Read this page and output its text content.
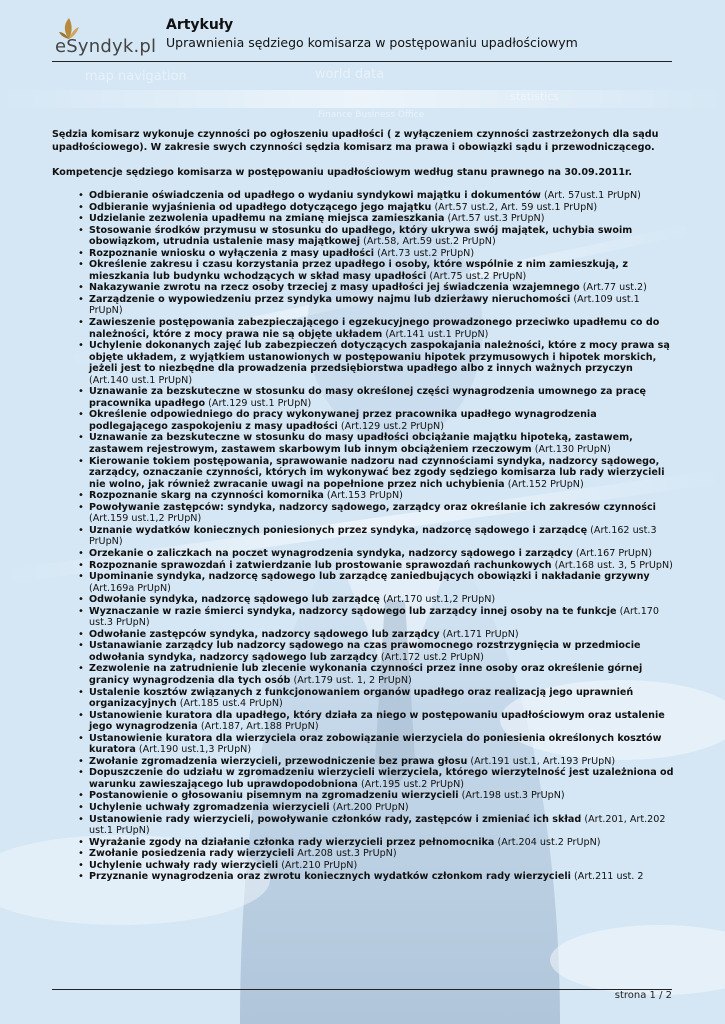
map navigation	world data
Finance Business Office
statistics
eSyndyk.pl
Artykuły
Uprawnienia sędziego komisarza w postępowaniu upadłościowym
Sędzia komisarz wykonuje czynności po ogłoszeniu upadłości ( z wyłączeniem czynności zastrzeżonych dla sądu upadłościowego). W zakresie swych czynności sędzia komisarz ma prawa i obowiązki sądu i przewodniczącego.
Kompetencje sędziego komisarza w postępowaniu upadłościowym według stanu prawnego na 30.09.2011r.
• Odbieranie oświadczenia od upadłego o wydaniu syndykowi majątku i dokumentów (Art. 57ust.1 PrUpN)
• Odbieranie wyjaśnienia od upadłego dotyczącego jego majątku (Art.57 ust.2, Art. 59 ust.1 PrUpN)
• Udzielanie zezwolenia upadłemu na zmianę miejsca zamieszkania (Art.57 ust.3 PrUpN)
• Stosowanie środków przymusu w stosunku do upadłego, który ukrywa swój majątek, uchybia swoim obowiązkom, utrudnia ustalenie masy majątkowej (Art.58, Art.59 ust.2 PrUpN)
• Rozpoznanie wniosku o wyłączenia z masy upadłości (Art.73 ust.2 PrUpN)
• Określenie zakresu i czasu korzystania przez upadłego i osoby, które wspólnie z nim zamieszkują, z mieszkania lub budynku wchodzących w skład masy upadłości (Art.75 ust.2 PrUpN)
• Nakazywanie zwrotu na rzecz osoby trzeciej z masy upadłości jej świadczenia wzajemnego (Art.77 ust.2)
• Zarządzenie o wypowiedzeniu przez syndyka umowy najmu lub dzierżawy nieruchomości (Art.109 ust.1 PrUpN)
• Zawieszenie postępowania zabezpieczającego i egzekucyjnego prowadzonego przeciwko upadłemu co do należności, które z mocy prawa nie są objęte układem (Art.141 ust.1 PrUpN)
• Uchylenie dokonanych zajęć lub zabezpieczeń dotyczących zaspokajania należności, które z mocy prawa są objęte układem, z wyjątkiem ustanowionych w postępowaniu hipotek przymusowych i hipotek morskich, jeżeli jest to niezbędne dla prowadzenia przedsiębiorstwa upadłego albo z innych ważnych przyczyn (Art.140 ust.1 PrUpN)
• Uznawanie za bezskuteczne w stosunku do masy określonej części wynagrodzenia umownego za pracę pracownika upadłego (Art.129 ust.1 PrUpN)
• Określenie odpowiedniego do pracy wykonywanej przez pracownika upadłego wynagrodzenia podlegającego zaspokojeniu z masy upadłości (Art.129 ust.2 PrUpN)
• Uznawanie za bezskuteczne w stosunku do masy upadłości obciążanie majątku hipoteką, zastawem, zastawem rejestrowym, zastawem skarbowym lub innym obciążeniem rzeczowym (Art.130 PrUpN)
• Kierowanie tokiem postępowania, sprawowanie nadzoru nad czynnościami syndyka, nadzorcy sądowego, zarządcy, oznaczanie czynności, których im wykonywać bez zgody sędziego komisarza lub rady wierzycieli nie wolno, jak również zwracanie uwagi na popełnione przez nich uchybienia (Art.152 PrUpN)
• Rozpoznanie skarg na czynności komornika (Art.153 PrUpN)
• Powoływanie zastępców: syndyka, nadzorcy sądowego, zarządcy oraz określanie ich zakresów czynności (Art.159 ust.1,2 PrUpN)
• Uznanie wydatków koniecznych poniesionych przez syndyka, nadzorcę sądowego i zarządcę (Art.162 ust.3 PrUpN)
• Orzekanie o zaliczkach na poczet wynagrodzenia syndyka, nadzorcy sądowego i zarządcy (Art.167 PrUpN)
• Rozpoznanie sprawozdań i zatwierdzanie lub prostowanie sprawozdań rachunkowych (Art.168 ust. 3, 5 PrUpN)
• Upominanie syndyka, nadzorcę sądowego lub zarządcę zaniedbujących obowiązki i nakładanie grzywny (Art.169a PrUpN)
• Odwołanie syndyka, nadzorcę sądowego lub zarządcę (Art.170 ust.1,2 PrUpN)
• Wyznaczanie w razie śmierci syndyka, nadzorcy sądowego lub zarządcy innej osoby na te funkcje (Art.170 ust.3 PrUpN)
• Odwołanie zastępców syndyka, nadzorcy sądowego lub zarządcy (Art.171 PrUpN)
• Ustanawianie zarządcy lub nadzorcy sądowego na czas prawomocnego rozstrzygnięcia w przedmiocie odwołania syndyka, nadzorcy sądowego lub zarządcy (Art.172 ust.2 PrUpN)
• Zezwolenie na zatrudnienie lub zlecenie wykonania czynności przez inne osoby oraz określenie górnej granicy wynagrodzenia dla tych osób (Art.179 ust. 1, 2 PrUpN)
• Ustalenie kosztów związanych z funkcjonowaniem organów upadłego oraz realizacją jego uprawnień organizacyjnych (Art.185 ust.4 PrUpN)
• Ustanowienie kuratora dla upadłego, który działa za niego w postępowaniu upadłościowym oraz ustalenie jego wynagrodzenia (Art.187, Art.188 PrUpN)
• Ustanowienie kuratora dla wierzyciela oraz zobowiązanie wierzyciela do poniesienia określonych kosztów kuratora (Art.190 ust.1,3 PrUpN)
• Zwołanie zgromadzenia wierzycieli, przewodniczenie bez prawa głosu (Art.191 ust.1, Art.193 PrUpN)
• Dopuszczenie do udziału w zgromadzeniu wierzycieli wierzyciela, którego wierzytelność jest uzależniona od warunku zawieszającego lub uprawdopodobniona (Art.195 ust.2 PrUpN)
• Postanowienie o głosowaniu pisemnym na zgromadzeniu wierzycieli (Art.198 ust.3 PrUpN)
• Uchylenie uchwały zgromadzenia wierzycieli (Art.200 PrUpN)
• Ustanowienie rady wierzycieli, powoływanie członków rady, zastępców i zmieniać ich skład (Art.201, Art.202 ust.1 PrUpN)
• Wyrażanie zgody na działanie członka rady wierzycieli przez pełnomocnika (Art.204 ust.2 PrUpN)
• Zwołanie posiedzenia rady wierzycieli Art.208 ust.3 PrUpN)
• Uchylenie uchwały rady wierzycieli (Art.210 PrUpN)
• Przyznanie wynagrodzenia oraz zwrotu koniecznych wydatków członkom rady wierzycieli (Art.211 ust. 2
strona 1 / 2
